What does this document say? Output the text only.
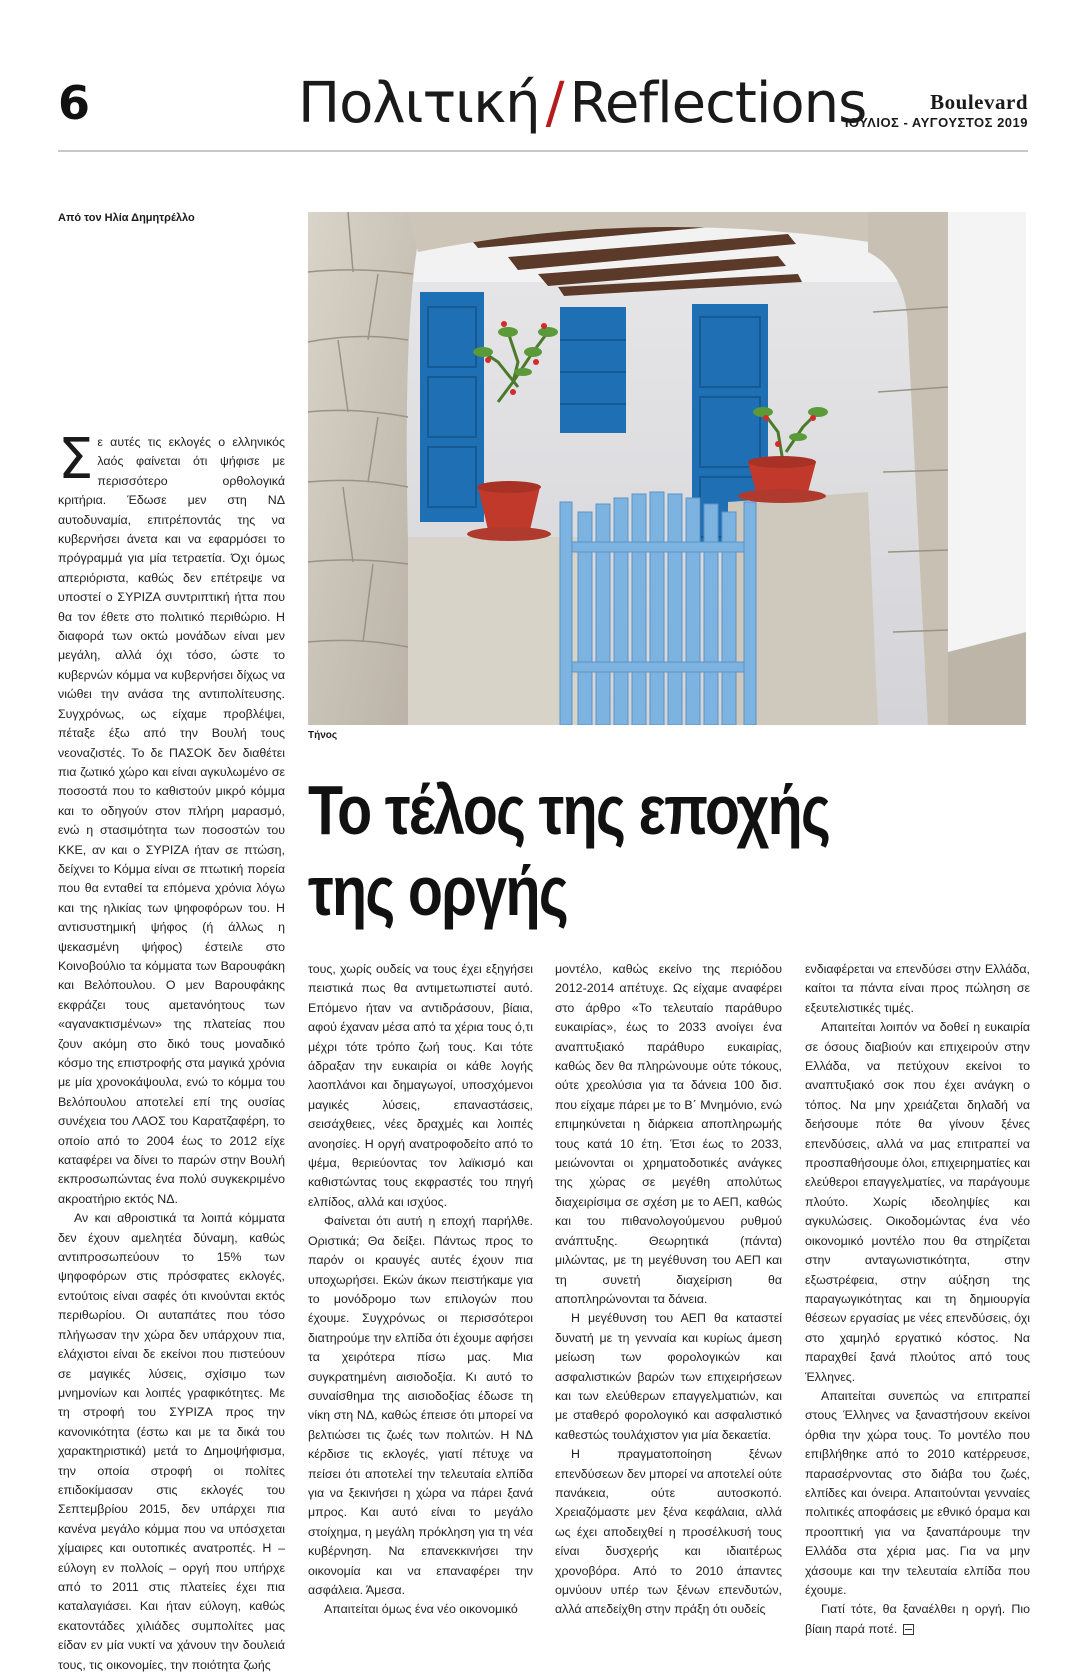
6	Πολιτική / Reflections	Boulevard
ΙΟΥΛΙΟΣ - ΑΥΓΟΥΣΤΟΣ 2019
Από τον Ηλία Δημητρέλλο
Τήνος
Το τέλος της εποχής
της οργής

Σε αυτές τις εκλογές ο ελληνικός λαός φαίνεται ότι ψήφισε με περισσότερο ορθολογικά κριτήρια. Έδωσε μεν στη ΝΔ αυτοδυναμία, επιτρέποντάς της να κυβερνήσει άνετα και να εφαρμόσει το πρόγραμμά για μία τετραετία. Όχι όμως απεριόριστα, καθώς δεν επέτρεψε να υποστεί ο ΣΥΡΙΖΑ συντριπτική ήττα που θα τον έθετε στο πολιτικό περιθώριο. Η διαφορά των οκτώ μονάδων είναι μεν μεγάλη, αλλά όχι τόσο, ώστε το κυβερνών κόμμα να κυβερνήσει δίχως να νιώθει την ανάσα της αντιπολίτευσης. Συγχρόνως, ως είχαμε προβλέψει, πέταξε έξω από την Βουλή τους νεοναζιστές. Το δε ΠΑΣΟΚ δεν διαθέτει πια ζωτικό χώρο και είναι αγκυλωμένο σε ποσοστά που το καθιστούν μικρό κόμμα και το οδηγούν στον πλήρη μαρασμό, ενώ η στασιμότητα των ποσοστών του ΚΚΕ, αν και ο ΣΥΡΙΖΑ ήταν σε πτώση, δείχνει το Κόμμα είναι σε πτωτική πορεία που θα ενταθεί τα επόμενα χρόνια λόγω και της ηλικίας των ψηφοφόρων του. Η αντισυστημική ψήφος (ή άλλως η ψεκασμένη ψήφος) έστειλε στο Κοινοβούλιο τα κόμματα των Βαρουφάκη και Βελόπουλου. Ο μεν Βαρουφάκης εκφράζει τους αμετανόητους των «αγανακτισμένων» της πλατείας που ζουν ακόμη στο δικό τους μοναδικό κόσμο της επιστροφής στα μαγικά χρόνια με μία χρονοκάψουλα, ενώ το κόμμα του Βελόπουλου αποτελεί επί της ουσίας συνέχεια του ΛΑΟΣ του Καρατζαφέρη, το οποίο από το 2004 έως το 2012 είχε καταφέρει να δίνει το παρών στην Βουλή εκπροσωπώντας ένα πολύ συγκεκριμένο ακροατήριο εκτός ΝΔ.

Αν και αθροιστικά τα λοιπά κόμματα δεν έχουν αμελητέα δύναμη, καθώς αντιπροσωπεύουν το 15% των ψηφοφόρων στις πρόσφατες εκλογές, εντούτοις είναι σαφές ότι κινούνται εκτός περιθωρίου. Οι αυταπάτες που τόσο πλήγωσαν την χώρα δεν υπάρχουν πια, ελάχιστοι είναι δε εκείνοι που πιστεύουν σε μαγικές λύσεις, σχίσιμο των μνημονίων και λοιπές γραφικότητες. Με τη στροφή του ΣΥΡΙΖΑ προς την κανονικότητα (έστω και με τα δικά του χαρακτηριστικά) μετά το Δημοψήφισμα, την οποία στροφή οι πολίτες επιδοκίμασαν στις εκλογές του Σεπτεμβρίου 2015, δεν υπάρχει πια κανένα μεγάλο κόμμα που να υπόσχεται χίμαιρες και ουτοπικές ανατροπές. Η – εύλογη εν πολλοίς – οργή που υπήρχε από το 2011 στις πλατείες έχει πια καταλαγιάσει. Και ήταν εύλογη, καθώς εκατοντάδες χιλιάδες συμπολίτες μας είδαν εν μία νυκτί να χάνουν την δουλειά τους, τις οικονομίες, την ποιότητα ζωής

τους, χωρίς ουδείς να τους έχει εξηγήσει πειστικά πως θα αντιμετωπιστεί αυτό. Επόμενο ήταν να αντιδράσουν, βίαια, αφού έχαναν μέσα από τα χέρια τους ό,τι μέχρι τότε τρόπο ζωή τους. Και τότε άδραξαν την ευκαιρία οι κάθε λογής λαοπλάνοι και δημαγωγοί, υποσχόμενοι μαγικές λύσεις, επαναστάσεις, σεισάχθειες, νέες δραχμές και λοιπές ανοησίες. Η οργή ανατροφοδείτο από το ψέμα, θεριεύοντας τον λαϊκισμό και καθιστώντας τους εκφραστές του πηγή ελπίδος, αλλά και ισχύος.

Φαίνεται ότι αυτή η εποχή παρήλθε. Οριστικά; Θα δείξει. Πάντως προς το παρόν οι κραυγές αυτές έχουν πια υποχωρήσει. Εκών άκων πειστήκαμε για το μονόδρομο των επιλογών που έχουμε. Συγχρόνως οι περισσότεροι διατηρούμε την ελπίδα ότι έχουμε αφήσει τα χειρότερα πίσω μας. Μια συγκρατημένη αισιοδοξία. Κι αυτό το συναίσθημα της αισιοδοξίας έδωσε τη νίκη στη ΝΔ, καθώς έπεισε ότι μπορεί να βελτιώσει τις ζωές των πολιτών. Η ΝΔ κέρδισε τις εκλογές, γιατί πέτυχε να πείσει ότι αποτελεί την τελευταία ελπίδα για να ξεκινήσει η χώρα να πάρει ξανά μπρος. Και αυτό είναι το μεγάλο στοίχημα, η μεγάλη πρόκληση για τη νέα κυβέρνηση. Να επανεκκινήσει την οικονομία και να επαναφέρει την ασφάλεια. Άμεσα.

Απαιτείται όμως ένα νέο οικονομικό

μοντέλο, καθώς εκείνο της περιόδου 2012-2014 απέτυχε. Ως είχαμε αναφέρει στο άρθρο «Το τελευταίο παράθυρο ευκαιρίας», έως το 2033 ανοίγει ένα αναπτυξιακό παράθυρο ευκαιρίας, καθώς δεν θα πληρώνουμε ούτε τόκους, ούτε χρεολύσια για τα δάνεια 100 δισ. που είχαμε πάρει με το Β΄ Μνημόνιο, ενώ επιμηκύνεται η διάρκεια αποπληρωμής τους κατά 10 έτη. Έτσι έως το 2033, μειώνονται οι χρηματοδοτικές ανάγκες της χώρας σε μεγέθη απολύτως διαχειρίσιμα σε σχέση με το ΑΕΠ, καθώς και του πιθανολογούμενου ρυθμού ανάπτυξης. Θεωρητικά (πάντα) μιλώντας, με τη μεγέθυνση του ΑΕΠ και τη συνετή διαχείριση θα αποπληρώνονται τα δάνεια.

Η μεγέθυνση του ΑΕΠ θα καταστεί δυνατή με τη γενναία και κυρίως άμεση μείωση των φορολογικών και ασφαλιστικών βαρών των επιχειρήσεων και των ελεύθερων επαγγελματιών, και με σταθερό φορολογικό και ασφαλιστικό καθεστώς τουλάχιστον για μία δεκαετία.

Η πραγματοποίηση ξένων επενδύσεων δεν μπορεί να αποτελεί ούτε πανάκεια, ούτε αυτοσκοπό. Χρειαζόμαστε μεν ξένα κεφάλαια, αλλά ως έχει αποδειχθεί η προσέλκυσή τους είναι δυσχερής και ιδιαιτέρως χρονοβόρα. Από το 2010 άπαντες ομνύουν υπέρ των ξένων επενδυτών, αλλά απεδείχθη στην πράξη ότι ουδείς

ενδιαφέρεται να επενδύσει στην Ελλάδα, καίτοι τα πάντα είναι προς πώληση σε εξευτελιστικές τιμές.

Απαιτείται λοιπόν να δοθεί η ευκαιρία σε όσους διαβιούν και επιχειρούν στην Ελλάδα, να πετύχουν εκείνοι το αναπτυξιακό σοκ που έχει ανάγκη ο τόπος. Να μην χρειάζεται δηλαδή να δεήσουμε πότε θα γίνουν ξένες επενδύσεις, αλλά να μας επιτραπεί να προσπαθήσουμε όλοι, επιχειρηματίες και ελεύθεροι επαγγελματίες, να παράγουμε πλούτο. Χωρίς ιδεοληψίες και αγκυλώσεις. Οικοδομώντας ένα νέο οικονομικό μοντέλο που θα στηρίζεται στην ανταγωνιστικότητα, στην εξωστρέφεια, στην αύξηση της παραγωγικότητας και τη δημιουργία θέσεων εργασίας με νέες επενδύσεις, όχι στο χαμηλό εργατικό κόστος. Να παραχθεί ξανά πλούτος από τους Έλληνες.

Απαιτείται συνεπώς να επιτραπεί στους Έλληνες να ξαναστήσουν εκείνοι όρθια την χώρα τους. Το μοντέλο που επιβλήθηκε από το 2010 κατέρρευσε, παρασέρνοντας στο διάβα του ζωές, ελπίδες και όνειρα. Απαιτούνται γενναίες πολιτικές αποφάσεις με εθνικό όραμα και προοπτική για να ξαναπάρουμε την Ελλάδα στα χέρια μας. Για να μην χάσουμε και την τελευταία ελπίδα που έχουμε.

Γιατί τότε, θα ξαναέλθει η οργή. Πιο βίαιη παρά ποτέ.
